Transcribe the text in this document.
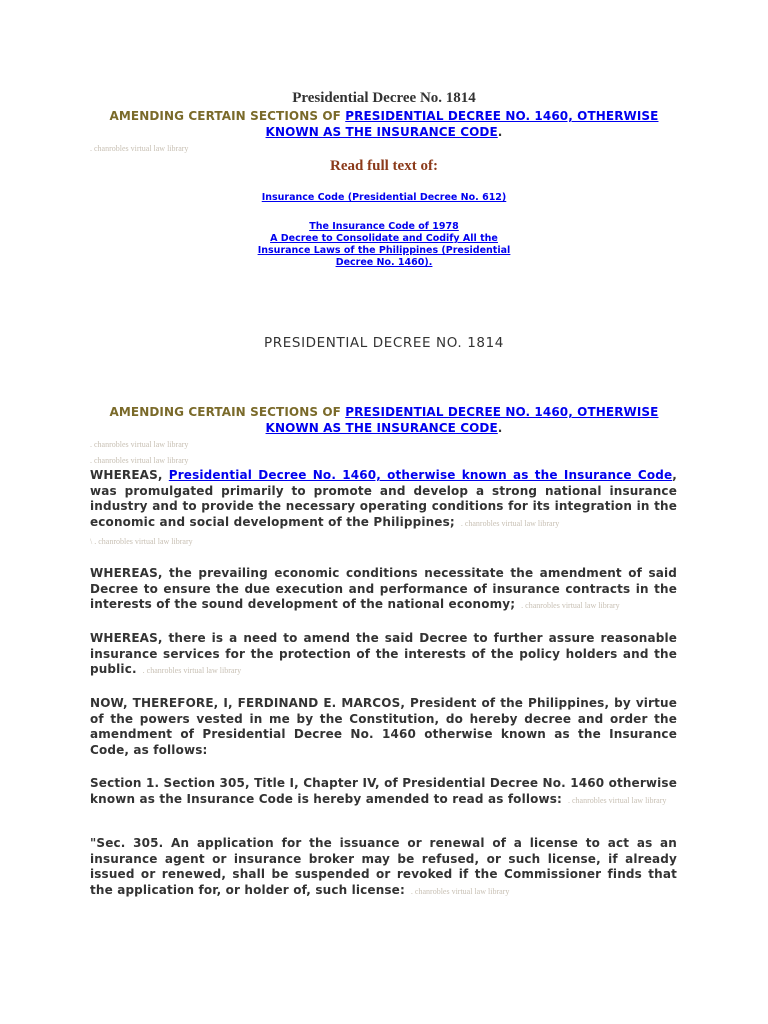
Presidential Decree No. 1814
AMENDING CERTAIN SECTIONS OF PRESIDENTIAL DECREE NO. 1460, OTHERWISE
KNOWN AS THE INSURANCE CODE.
. chanrobles virtual law library
Read full text of:
Insurance Code (Presidential Decree No. 612)
The Insurance Code of 1978
A Decree to Consolidate and Codify All the
Insurance Laws of the Philippines (Presidential
Decree No. 1460).
PRESIDENTIAL DECREE NO. 1814
AMENDING CERTAIN SECTIONS OF PRESIDENTIAL DECREE NO. 1460, OTHERWISE
KNOWN AS THE INSURANCE CODE.
. chanrobles virtual law library
. chanrobles virtual law library
WHEREAS, Presidential Decree No. 1460, otherwise known as the Insurance Code, was promulgated primarily to promote and develop a strong national insurance industry and to provide the necessary operating conditions for its integration in the economic and social development of the Philippines; . chanrobles virtual law library
\ . chanrobles virtual law library
WHEREAS, the prevailing economic conditions necessitate the amendment of said Decree to ensure the due execution and performance of insurance contracts in the interests of the sound development of the national economy; . chanrobles virtual law library
WHEREAS, there is a need to amend the said Decree to further assure reasonable insurance services for the protection of the interests of the policy holders and the public. . chanrobles virtual law library
NOW, THEREFORE, I, FERDINAND E. MARCOS, President of the Philippines, by virtue of the powers vested in me by the Constitution, do hereby decree and order the amendment of Presidential Decree No. 1460 otherwise known as the Insurance Code, as follows:
Section 1. Section 305, Title I, Chapter IV, of Presidential Decree No. 1460 otherwise known as the Insurance Code is hereby amended to read as follows: . chanrobles virtual law library
"Sec. 305. An application for the issuance or renewal of a license to act as an insurance agent or insurance broker may be refused, or such license, if already issued or renewed, shall be suspended or revoked if the Commissioner finds that the application for, or holder of, such license: . chanrobles virtual law library
